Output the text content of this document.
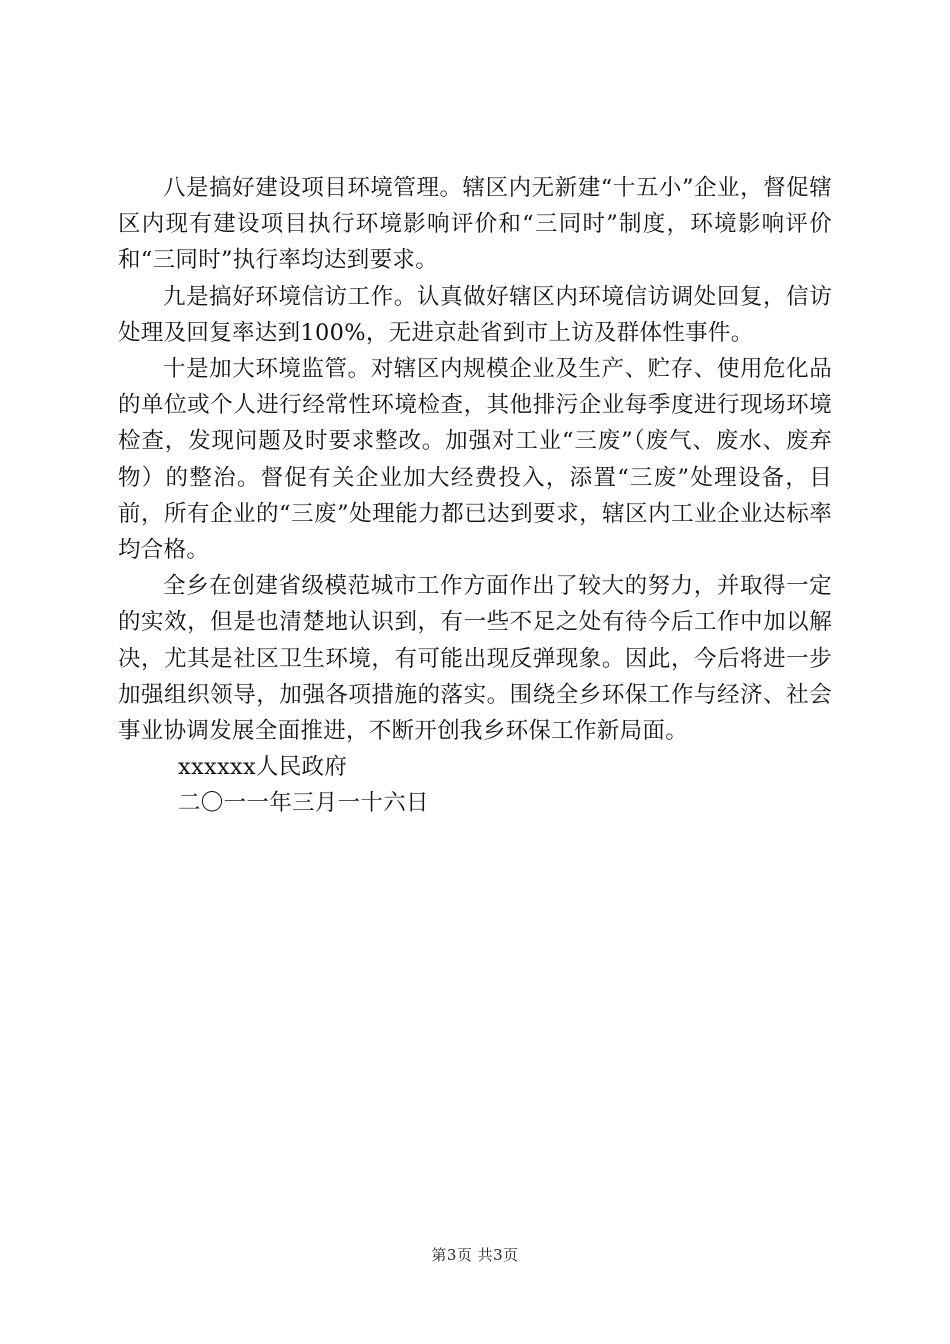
八是搞好建设项目环境管理。辖区内无新建“十五小”企业，督促辖区内现有建设项目执行环境影响评价和“三同时”制度，环境影响评价和“三同时”执行率均达到要求。

九是搞好环境信访工作。认真做好辖区内环境信访调处回复，信访处理及回复率达到100%，无进京赴省到市上访及群体性事件。

十是加大环境监管。对辖区内规模企业及生产、贮存、使用危化品的单位或个人进行经常性环境检查，其他排污企业每季度进行现场环境检查，发现问题及时要求整改。加强对工业“三废”（废气、废水、废弃物）的整治。督促有关企业加大经费投入，添置“三废”处理设备，目前，所有企业的“三废”处理能力都已达到要求，辖区内工业企业达标率均合格。

全乡在创建省级模范城市工作方面作出了较大的努力，并取得一定的实效，但是也清楚地认识到，有一些不足之处有待今后工作中加以解决，尤其是社区卫生环境，有可能出现反弹现象。因此，今后将进一步加强组织领导，加强各项措施的落实。围绕全乡环保工作与经济、社会事业协调发展全面推进，不断开创我乡环保工作新局面。

xxxxxx人民政府

二〇一一年三月一十六日

第3页 共3页
